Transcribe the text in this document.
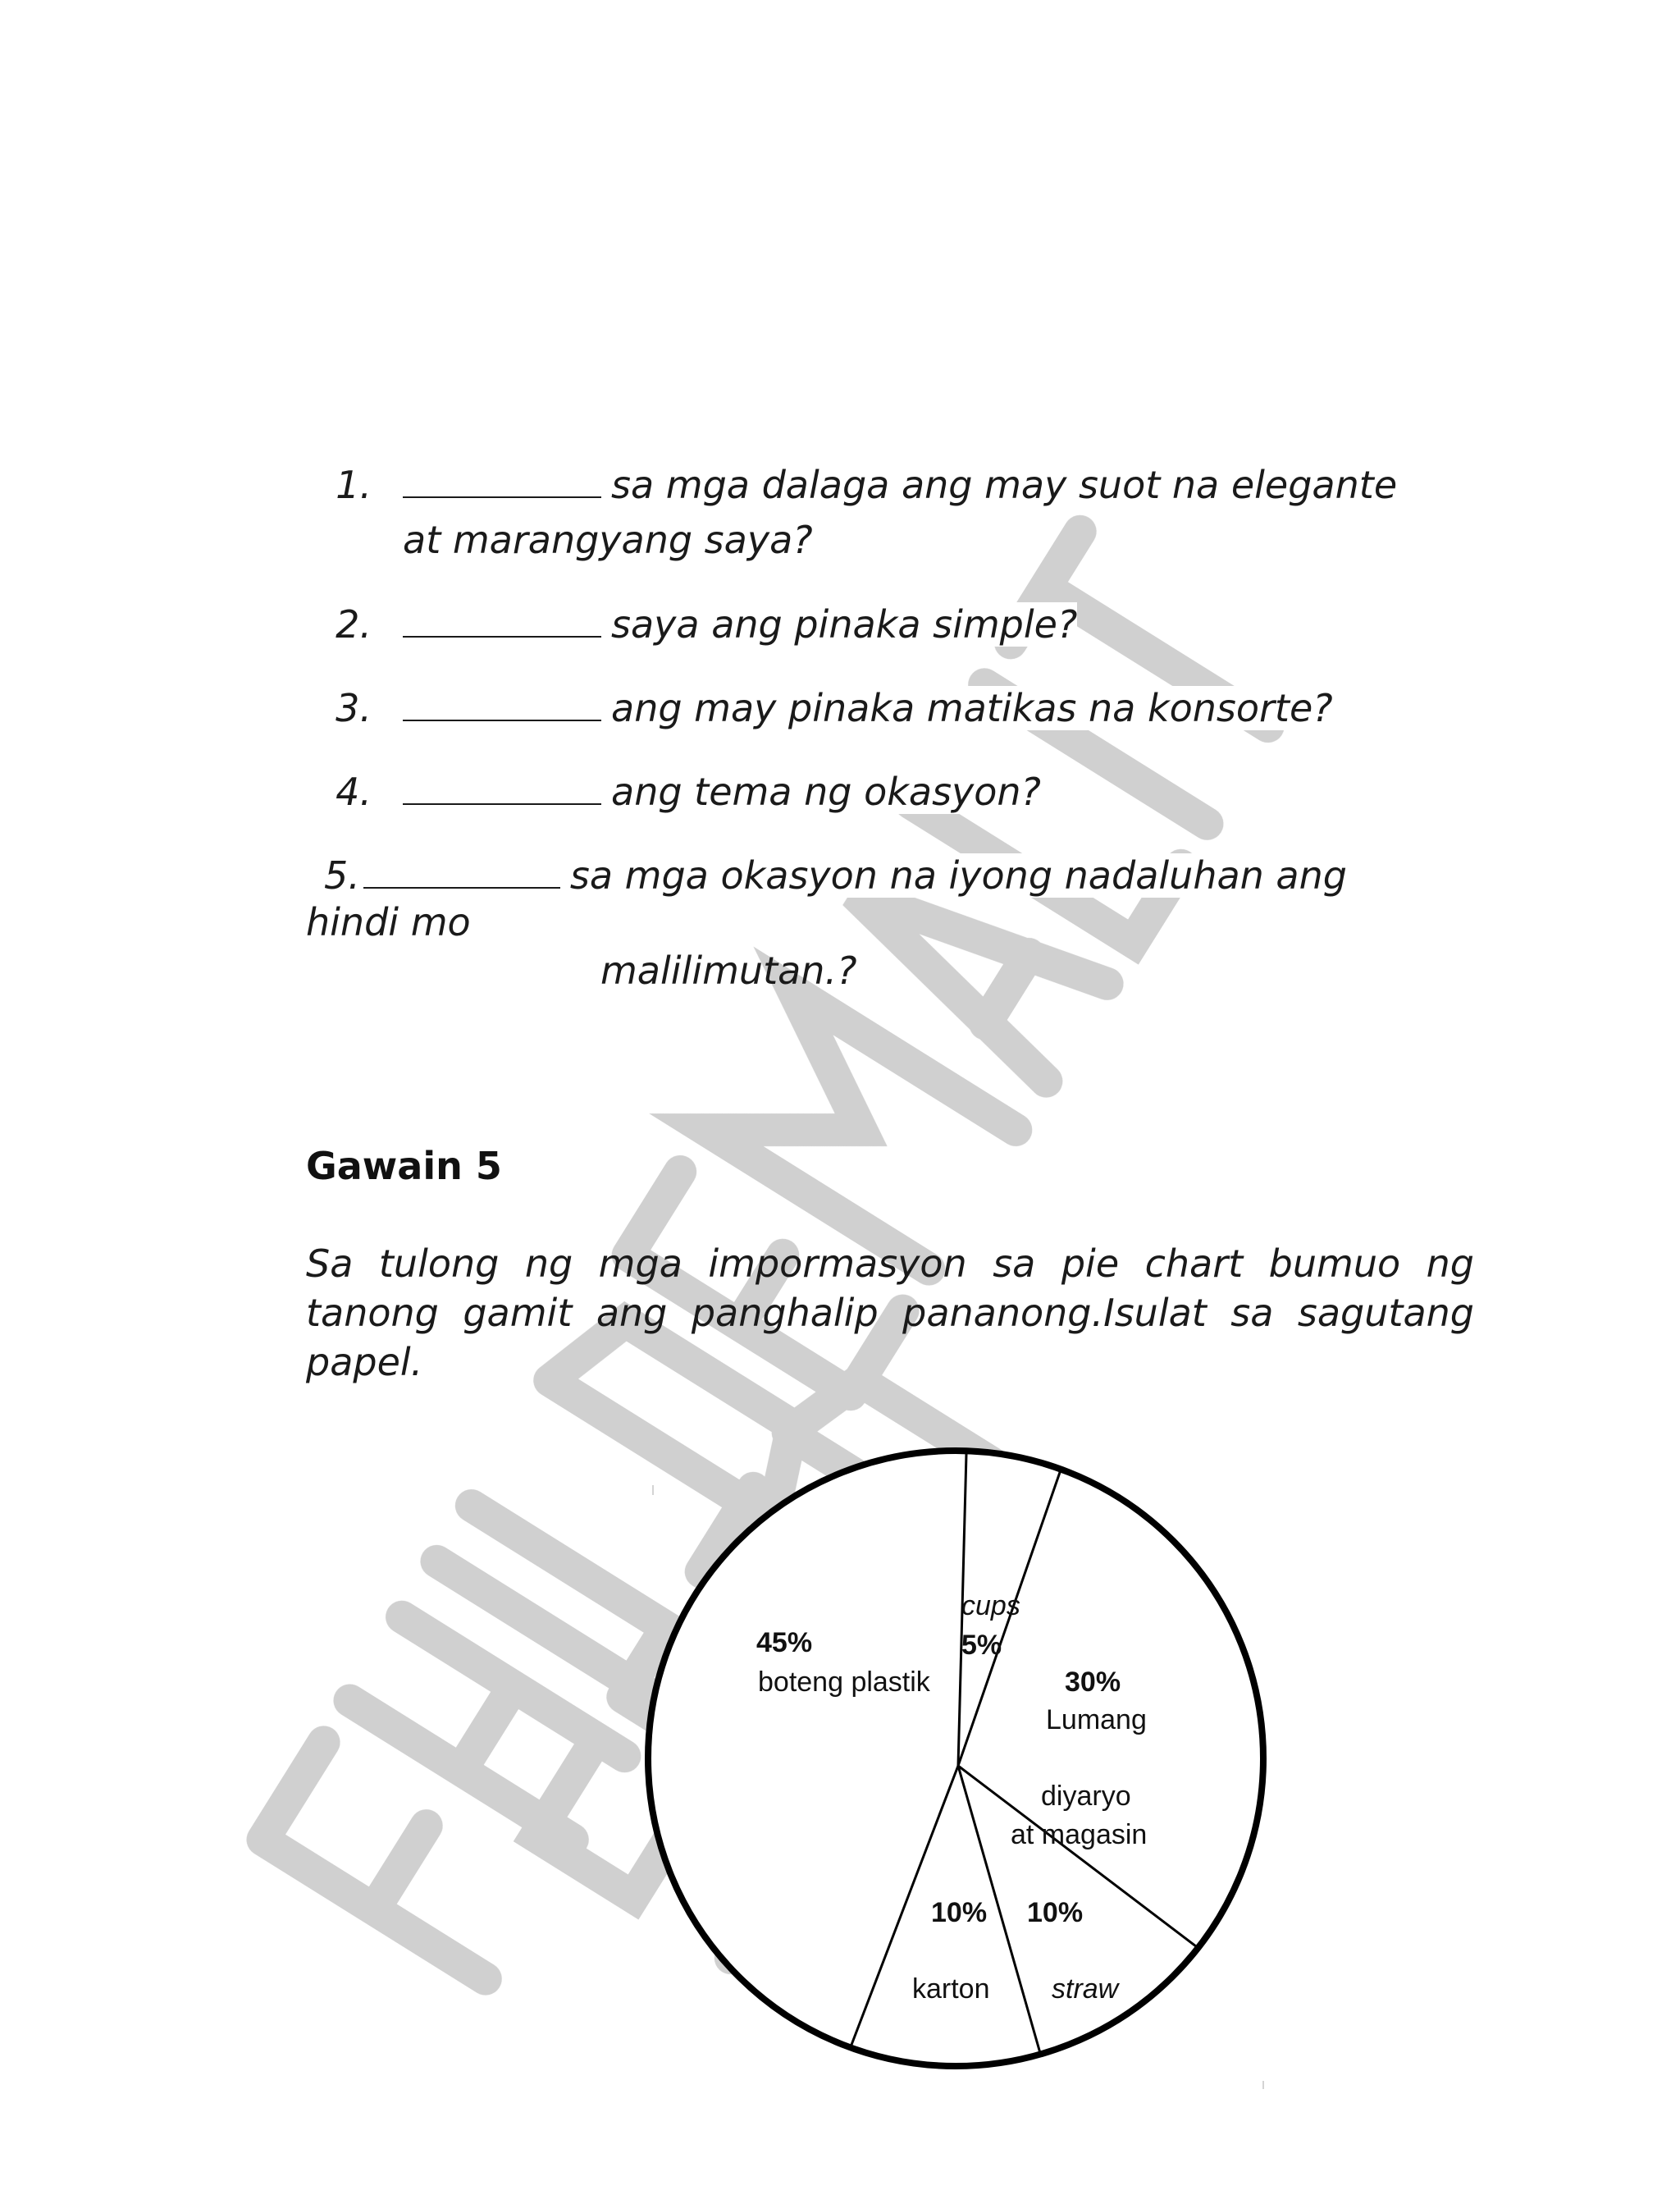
1.	sa mga dalaga ang may suot na elegante
at marangyang saya?
2.	saya ang pinaka simple?
3.	ang may pinaka matikas na konsorte?
4.	ang tema ng okasyon?
5.	sa mga okasyon na iyong nadaluhan ang
hindi mo
malilimutan.?
Gawain 5
Sa tulong ng mga impormasyon sa pie chart bumuo ng tanong gamit ang panghalip pananong.Isulat sa sagutang papel.
45%
boteng plastik
cups
5%
30%
Lumang
diyaryo
at magasin
10%
karton
10%
straw
